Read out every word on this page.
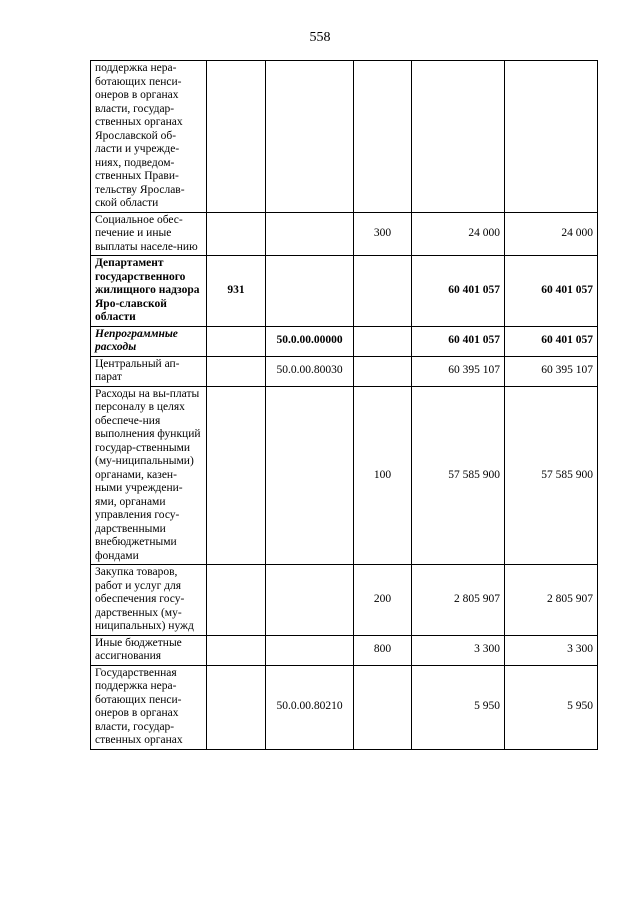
558
поддержка нера-ботающих пенси-онеров в органах власти, государ-ственных органах Ярославской об-ласти и учрежде-ниях, подведом-ственных Прави-тельству Ярослав-ской области					
Социальное обес-печение и иные выплаты населе-нию			300	24 000	24 000
Департамент государственного жилищного надзора Яро-славской области	931			60 401 057	60 401 057
Непрограммные расходы		50.0.00.00000		60 401 057	60 401 057
Центральный ап-парат		50.0.00.80030		60 395 107	60 395 107
Расходы на вы-платы персоналу в целях обеспече-ния выполнения функций государ-ственными (му-ниципальными) органами, казен-ными учреждени-ями, органами управления госу-дарственными внебюджетными фондами			100	57 585 900	57 585 900
Закупка товаров, работ и услуг для обеспечения госу-дарственных (му-ниципальных) нужд			200	2 805 907	2 805 907
Иные бюджетные ассигнования			800	3 300	3 300
Государственная поддержка нера-ботающих пенси-онеров в органах власти, государ-ственных органах		50.0.00.80210		5 950	5 950
